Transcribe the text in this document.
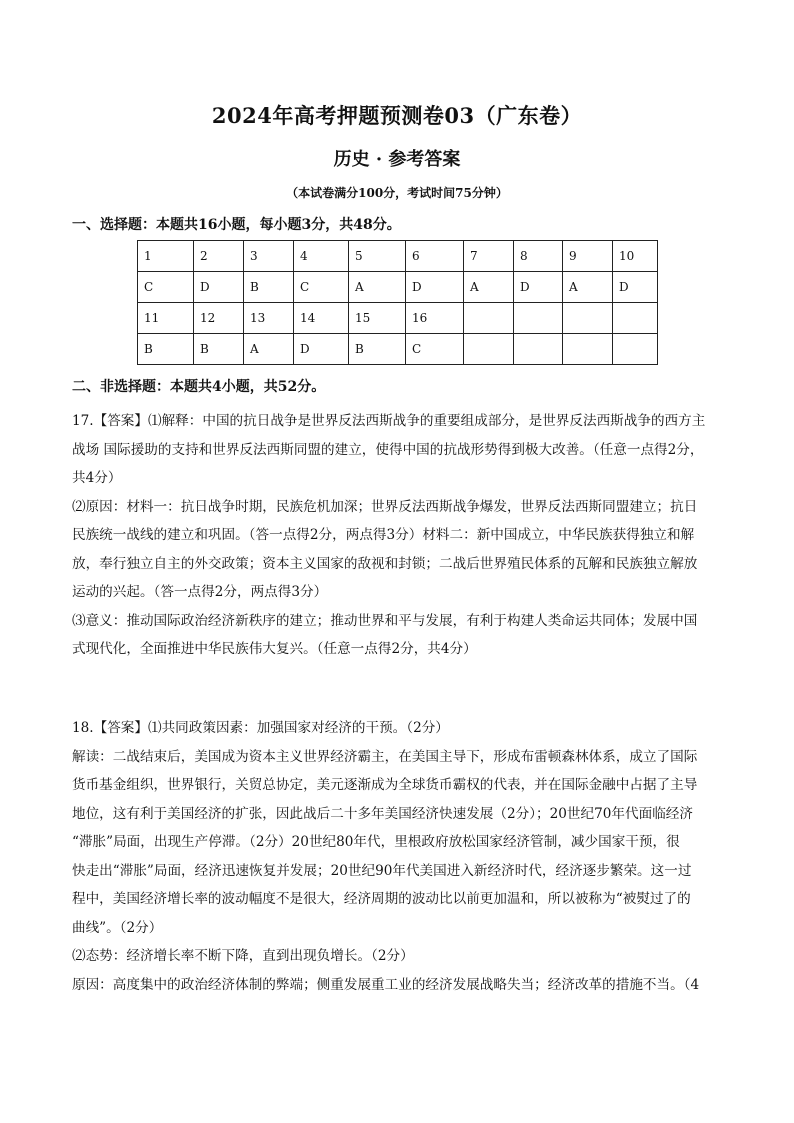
2024年高考押题预测卷03（广东卷）
历史 · 参考答案
（本试卷满分100分，考试时间75分钟）
一、选择题：本题共16小题，每小题3分，共48分。
1	2	3	4	5	6	7	8	9	10
C	D	B	C	A	D	A	D	A	D
11	12	13	14	15	16				
B	B	A	D	B	C				
二、非选择题：本题共4小题，共52分。

17.【答案】⑴解释：中国的抗日战争是世界反法西斯战争的重要组成部分，是世界反法西斯战争的西方主
战场 国际援助的支持和世界反法西斯同盟的建立，使得中国的抗战形势得到极大改善。（任意一点得2分，
共4分）
⑵原因：材料一：抗日战争时期，民族危机加深；世界反法西斯战争爆发，世界反法西斯同盟建立；抗日
民族统一战线的建立和巩固。（答一点得2分，两点得3分）材料二：新中国成立，中华民族获得独立和解
放，奉行独立自主的外交政策；资本主义国家的敌视和封锁；二战后世界殖民体系的瓦解和民族独立解放
运动的兴起。（答一点得2分，两点得3分）
⑶意义：推动国际政治经济新秩序的建立；推动世界和平与发展，有利于构建人类命运共同体；发展中国
式现代化，全面推进中华民族伟大复兴。（任意一点得2分，共4分）

18.【答案】⑴共同政策因素：加强国家对经济的干预。（2分）
解读：二战结束后，美国成为资本主义世界经济霸主，在美国主导下，形成布雷顿森林体系，成立了国际
货币基金组织，世界银行，关贸总协定，美元逐渐成为全球货币霸权的代表，并在国际金融中占据了主导
地位，这有利于美国经济的扩张，因此战后二十多年美国经济快速发展（2分）；20世纪70年代面临经济
“滞胀”局面，出现生产停滞。（2分）20世纪80年代，里根政府放松国家经济管制，减少国家干预，很
快走出“滞胀”局面，经济迅速恢复并发展；20世纪90年代美国进入新经济时代，经济逐步繁荣。这一过
程中，美国经济增长率的波动幅度不是很大，经济周期的波动比以前更加温和，所以被称为“被熨过了的
曲线”。（2分）
⑵态势：经济增长率不断下降，直到出现负增长。（2分）
原因：高度集中的政治经济体制的弊端；侧重发展重工业的经济发展战略失当；经济改革的措施不当。（4
